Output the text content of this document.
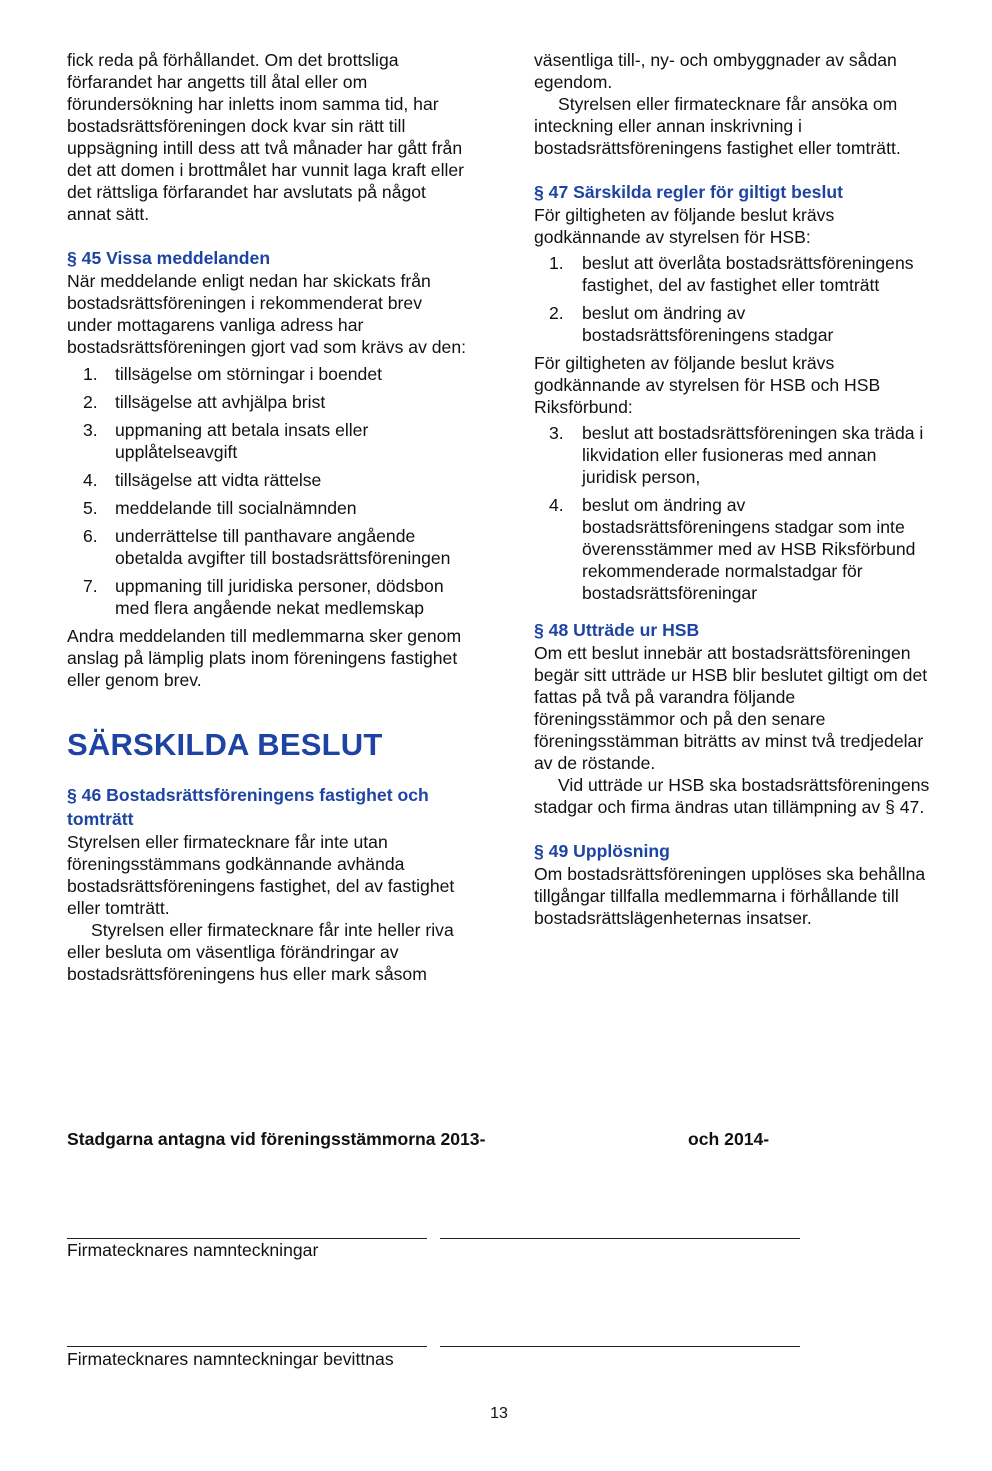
fick reda på förhållandet. Om det brottsliga förfarandet har angetts till åtal eller om förundersökning har inletts inom samma tid, har bostadsrättsföreningen dock kvar sin rätt till uppsägning intill dess att två månader har gått från det att domen i brottmålet har vunnit laga kraft eller det rättsliga förfarandet har avslutats på något annat sätt.

§ 45 Vissa meddelanden

När meddelande enligt nedan har skickats från bostadsrättsföreningen i rekommenderat brev under mottagarens vanliga adress har bostadsrättsföreningen gjort vad som krävs av den:

1. tillsägelse om störningar i boendet
2. tillsägelse att avhjälpa brist
3. uppmaning att betala insats eller upplåtelseavgift
4. tillsägelse att vidta rättelse
5. meddelande till socialnämnden
6. underrättelse till panthavare angående obetalda avgifter till bostadsrättsföreningen
7. uppmaning till juridiska personer, dödsbon med flera angående nekat medlemskap

Andra meddelanden till medlemmarna sker genom anslag på lämplig plats inom föreningens fastighet eller genom brev.

SÄRSKILDA BESLUT
§ 46 Bostadsrättsföreningens fastighet och tomträtt

Styrelsen eller firmatecknare får inte utan föreningsstämmans godkännande avhända bostadsrättsföreningens fastighet, del av fastighet eller tomträtt.

Styrelsen eller firmatecknare får inte heller riva eller besluta om väsentliga förändringar av bostadsrättsföreningens hus eller mark såsom

väsentliga till-, ny- och ombyggnader av sådan egendom.

Styrelsen eller firmatecknare får ansöka om inteckning eller annan inskrivning i bostadsrättsföreningens fastighet eller tomträtt.

§ 47 Särskilda regler för giltigt beslut

För giltigheten av följande beslut krävs godkännande av styrelsen för HSB:

1.	beslut att överlåta bostadsrättsföreningens fastighet, del av fastighet eller tomträtt
2.	beslut om ändring av bostadsrättsföreningens stadgar

För giltigheten av följande beslut krävs godkännande av styrelsen för HSB och HSB Riksförbund:

3.	beslut att bostadsrättsföreningen ska träda i likvidation eller fusioneras med annan juridisk person,
4.	beslut om ändring av bostadsrättsföreningens stadgar som inte överensstämmer med av HSB Riksförbund rekommenderade normalstadgar för bostadsrättsföreningar
§ 48 Utträde ur HSB

Om ett beslut innebär att bostadsrättsföreningen begär sitt utträde ur HSB blir beslutet giltigt om det fattas på två på varandra följande föreningsstämmor och på den senare föreningsstämman biträtts av minst två tredjedelar av de röstande.

Vid utträde ur HSB ska bostadsrättsföreningens stadgar och firma ändras utan tillämpning av § 47.

§ 49 Upplösning

Om bostadsrättsföreningen upplöses ska behållna tillgångar tillfalla medlemmarna i förhållande till bostadsrättslägenheternas insatser.

Stadgarna antagna vid föreningsstämmorna 2013-	och 2014-
Firmatecknares namnteckningar
Firmatecknares namnteckningar bevittnas
13
